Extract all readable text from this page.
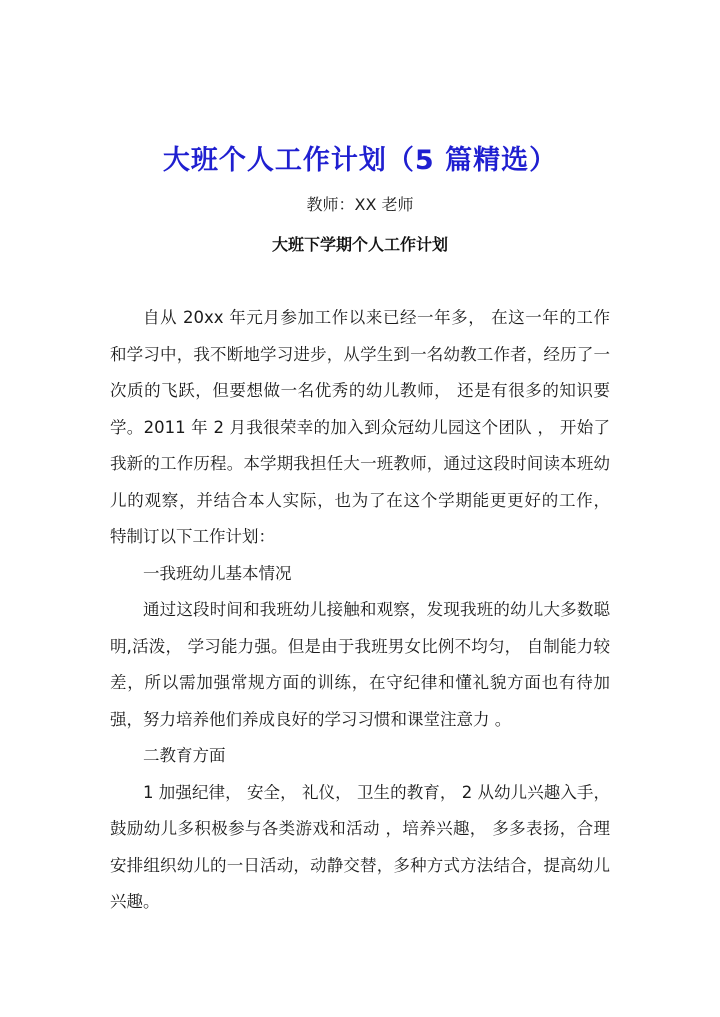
大班个人工作计划（5 篇精选）
教师：XX 老师
大班下学期个人工作计划

自从 20xx 年元月参加工作以来已经一年多， 在这一年的工作和学习中，我不断地学习进步，从学生到一名幼教工作者，经历了一次质的飞跃，但要想做一名优秀的幼儿教师， 还是有很多的知识要学。2011 年 2 月我很荣幸的加入到众冠幼儿园这个团队 ， 开始了我新的工作历程。本学期我担任大一班教师，通过这段时间读本班幼儿的观察，并结合本人实际，也为了在这个学期能更更好的工作， 特制订以下工作计划：

一我班幼儿基本情况

通过这段时间和我班幼儿接触和观察，发现我班的幼儿大多数聪明,活泼， 学习能力强。但是由于我班男女比例不均匀， 自制能力较差，所以需加强常规方面的训练，在守纪律和懂礼貌方面也有待加强，努力培养他们养成良好的学习习惯和课堂注意力 。

二教育方面

1 加强纪律， 安全， 礼仪， 卫生的教育， 2 从幼儿兴趣入手， 鼓励幼儿多积极参与各类游戏和活动 ，培养兴趣， 多多表扬，合理安排组织幼儿的一日活动，动静交替，多种方式方法结合，提高幼儿兴趣。
